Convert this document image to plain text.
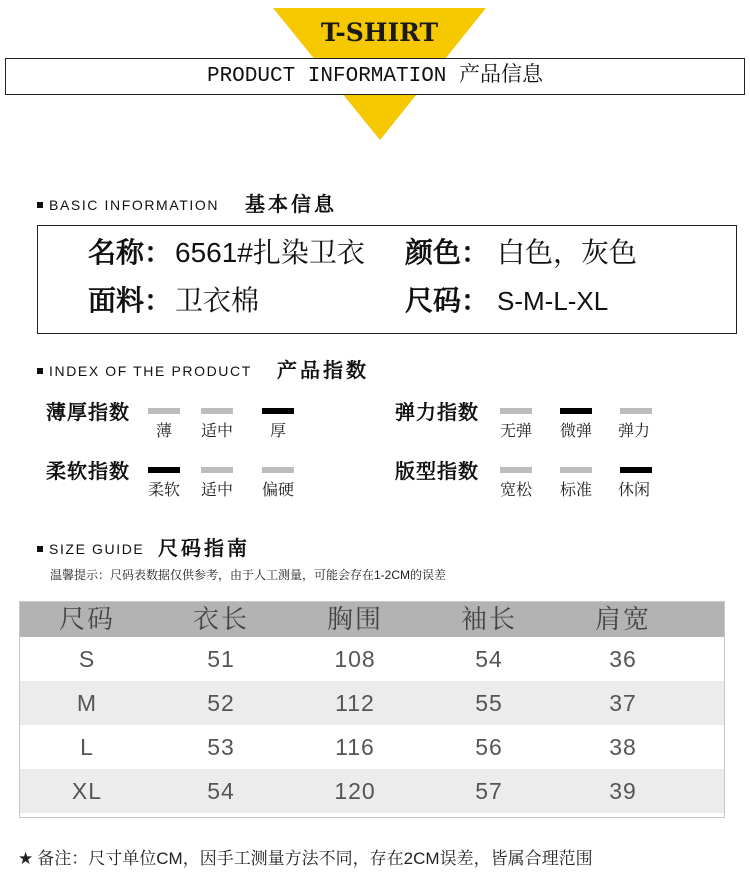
T-SHIRT
PRODUCT INFORMATION 产品信息
BASIC INFORMATION 基本信息
名称： 6561#扎染卫衣 颜色： 白色，灰色
面料： 卫衣棉	尺码： S-M-L-XL
INDEX OF THE PRODUCT 产品指数
薄厚指数
薄	适中	厚
弹力指数
无弹 微弹 弹力
柔软指数
柔软 适中 偏硬
版型指数
宽松 标准 休闲
SIZE GUIDE 尺码指南
温馨提示：尺码表数据仅供参考，由于人工测量，可能会存在1-2CM的误差
尺码	衣长	胸围	袖长	肩宽
S	51	108	54	36
M	52	112	55	37
L	53	116	56	38
XL	54	120	57	39
★ 备注：尺寸单位CM，因手工测量方法不同，存在2CM误差，皆属合理范围
